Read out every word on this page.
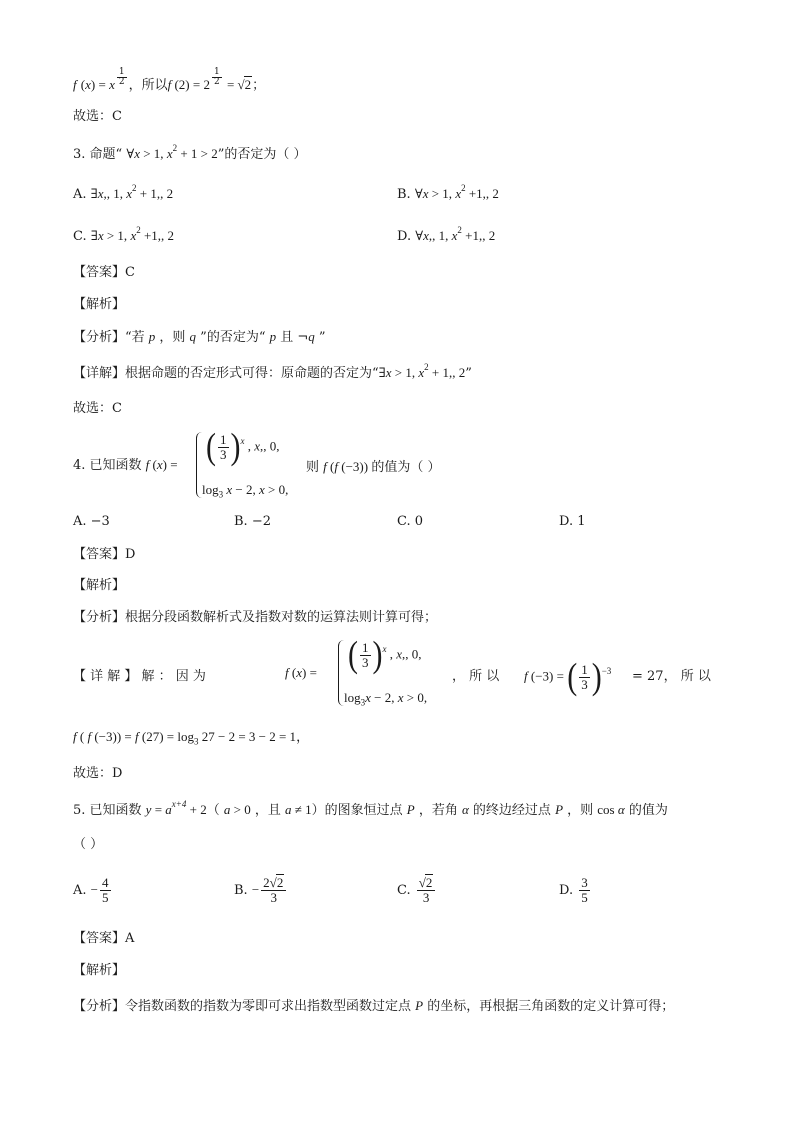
f (x) = x $\frac{1}{2}$ ，所以f $(2) = 2 \frac{1}{2} = √2$；
故选：C
3. 命题“ ∀x > 1, $x^2 + 1 > 2$”的否定为（ ）
A. ∃x,, 1, $x^2 + 1$,, 2	B. ∀x > 1, $x^2 +1$,, 2
C. ∃x > 1, $x^2 +1$,, 2	D. ∀x,, 1, $x^2 +1$,, 2
【答案】C
【解析】
【分析】“若 p ，则 q ”的否定为“ p 且 ¬q ”
【详解】根据命题的否定形式可得：原命题的否定为“∃x > 1, $x^2 + 1$,, 2”
故选：C
4. 已知函数 f (x) = ( $\frac{1}{3} )^x$ , x,, 0,
$\log_3 x - 2$, x > 0,
则 f (f (−3)) 的值为（ ）
A. −3	B. −2	C. 0	D. 1
【答案】D
【解析】
【分析】根据分段函数解析式及指数对数的运算法则计算可得；
【 详 解 】 解 ： 因 为	f (x) = ( $\frac{1}{3} )^x$ , x,, 0,
$\log_3x - 2$, x > 0,
， 所 以 f (−3) = ( $\frac{1}{3} )^{-3} = 27$， 所 以
f ( f (−3)) = f $(27) = \log_3 27 - 2 = 3 - 2 = 1$，
故选：D
5. 已知函数 $y = a^{x+4} + 2$（ a > 0 ，且 a ≠ 1）的图象恒过点 P ，若角 α 的终边经过点 P ，则 cos α 的值为
（ ）
A. − $\frac{4}{5}$	B. − $\frac{2√2}{3}$	C. $\frac{√2}{3}$	D. $\frac{3}{5}$
【答案】A
【解析】
【分析】令指数函数的指数为零即可求出指数型函数过定点 P 的坐标，再根据三角函数的定义计算可得；
